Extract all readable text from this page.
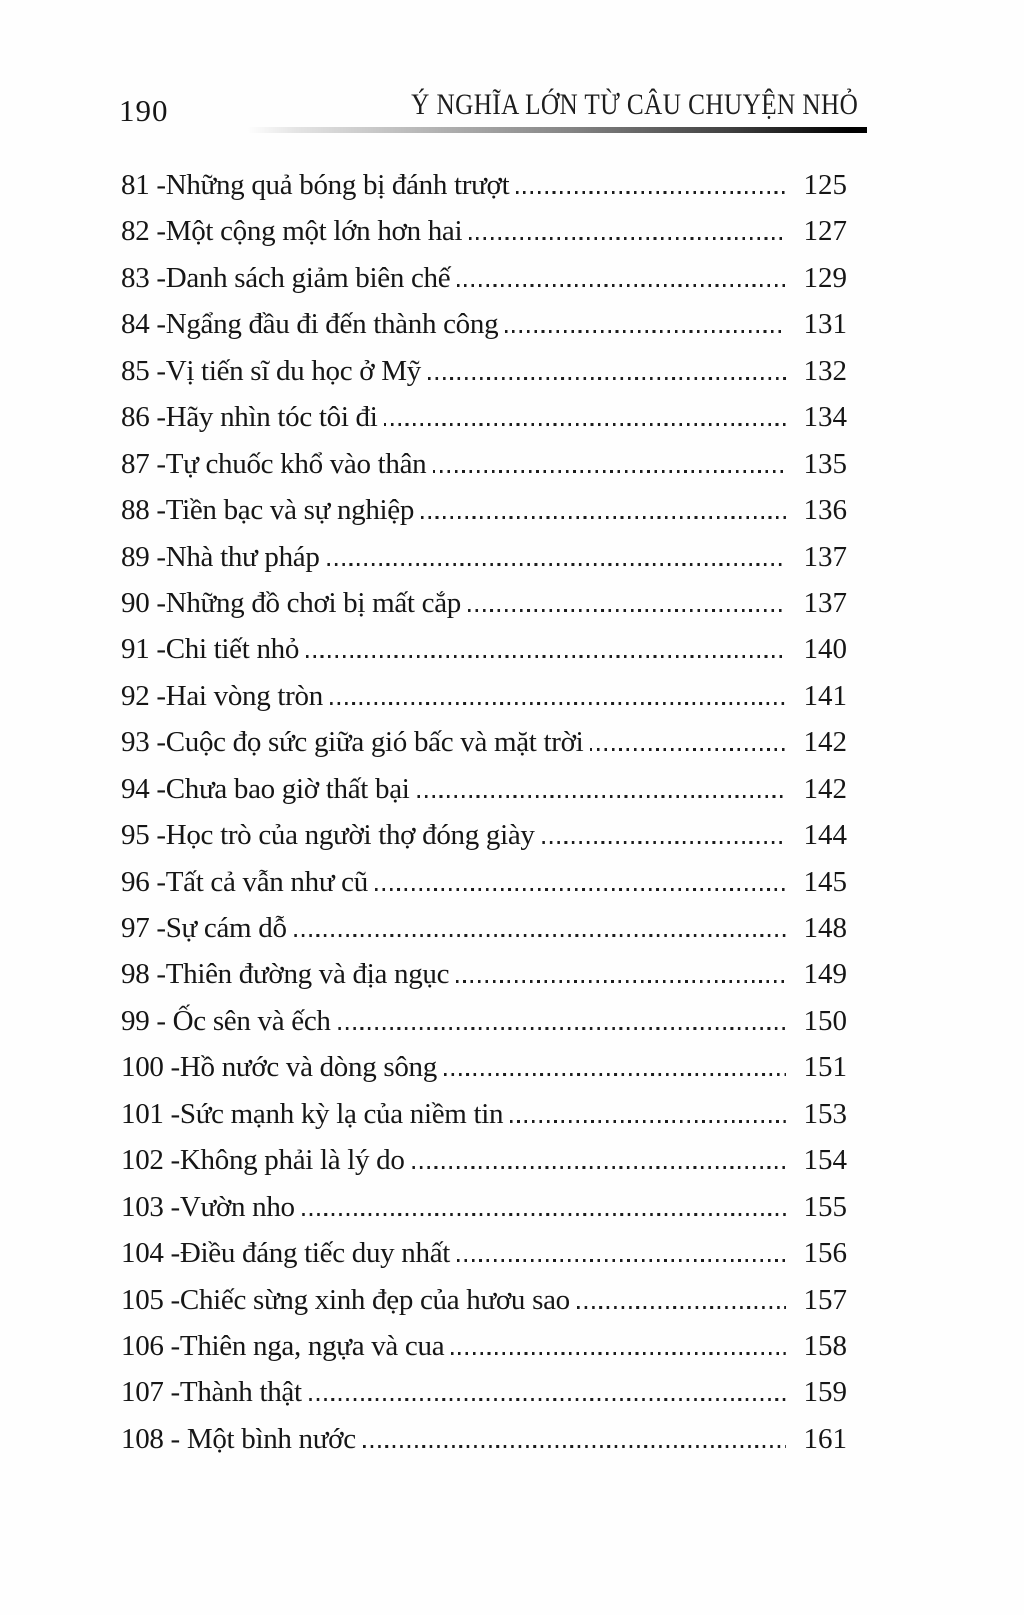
190	Ý NGHĨA LỚN TỪ CÂU CHUYỆN NHỎ
81 -Những quả bóng bị đánh trượt	125
82 -Một cộng một lớn hơn hai	127
83 -Danh sách giảm biên chế	129
84 -Ngẩng đầu đi đến thành công	131
85 -Vị tiến sĩ du học ở Mỹ	132
86 -Hãy nhìn tóc tôi đi	134
87 -Tự chuốc khổ vào thân	135
88 -Tiền bạc và sự nghiệp	136
89 -Nhà thư pháp	137
90 -Những đồ chơi bị mất cắp	137
91 -Chi tiết nhỏ	140
92 -Hai vòng tròn	141
93 -Cuộc đọ sức giữa gió bấc và mặt trời	142
94 -Chưa bao giờ thất bại	142
95 -Học trò của người thợ đóng giày	144
96 -Tất cả vẫn như cũ	145
97 -Sự cám dỗ	148
98 -Thiên đường và địa ngục	149
99 - Ốc sên và ếch	150
100 -Hồ nước và dòng sông	151
101 -Sức mạnh kỳ lạ của niềm tin	153
102 -Không phải là lý do	154
103 -Vườn nho	155
104 -Điều đáng tiếc duy nhất	156
105 -Chiếc sừng xinh đẹp của hươu sao	157
106 -Thiên nga, ngựa và cua	158
107 -Thành thật	159
108 - Một bình nước	161
